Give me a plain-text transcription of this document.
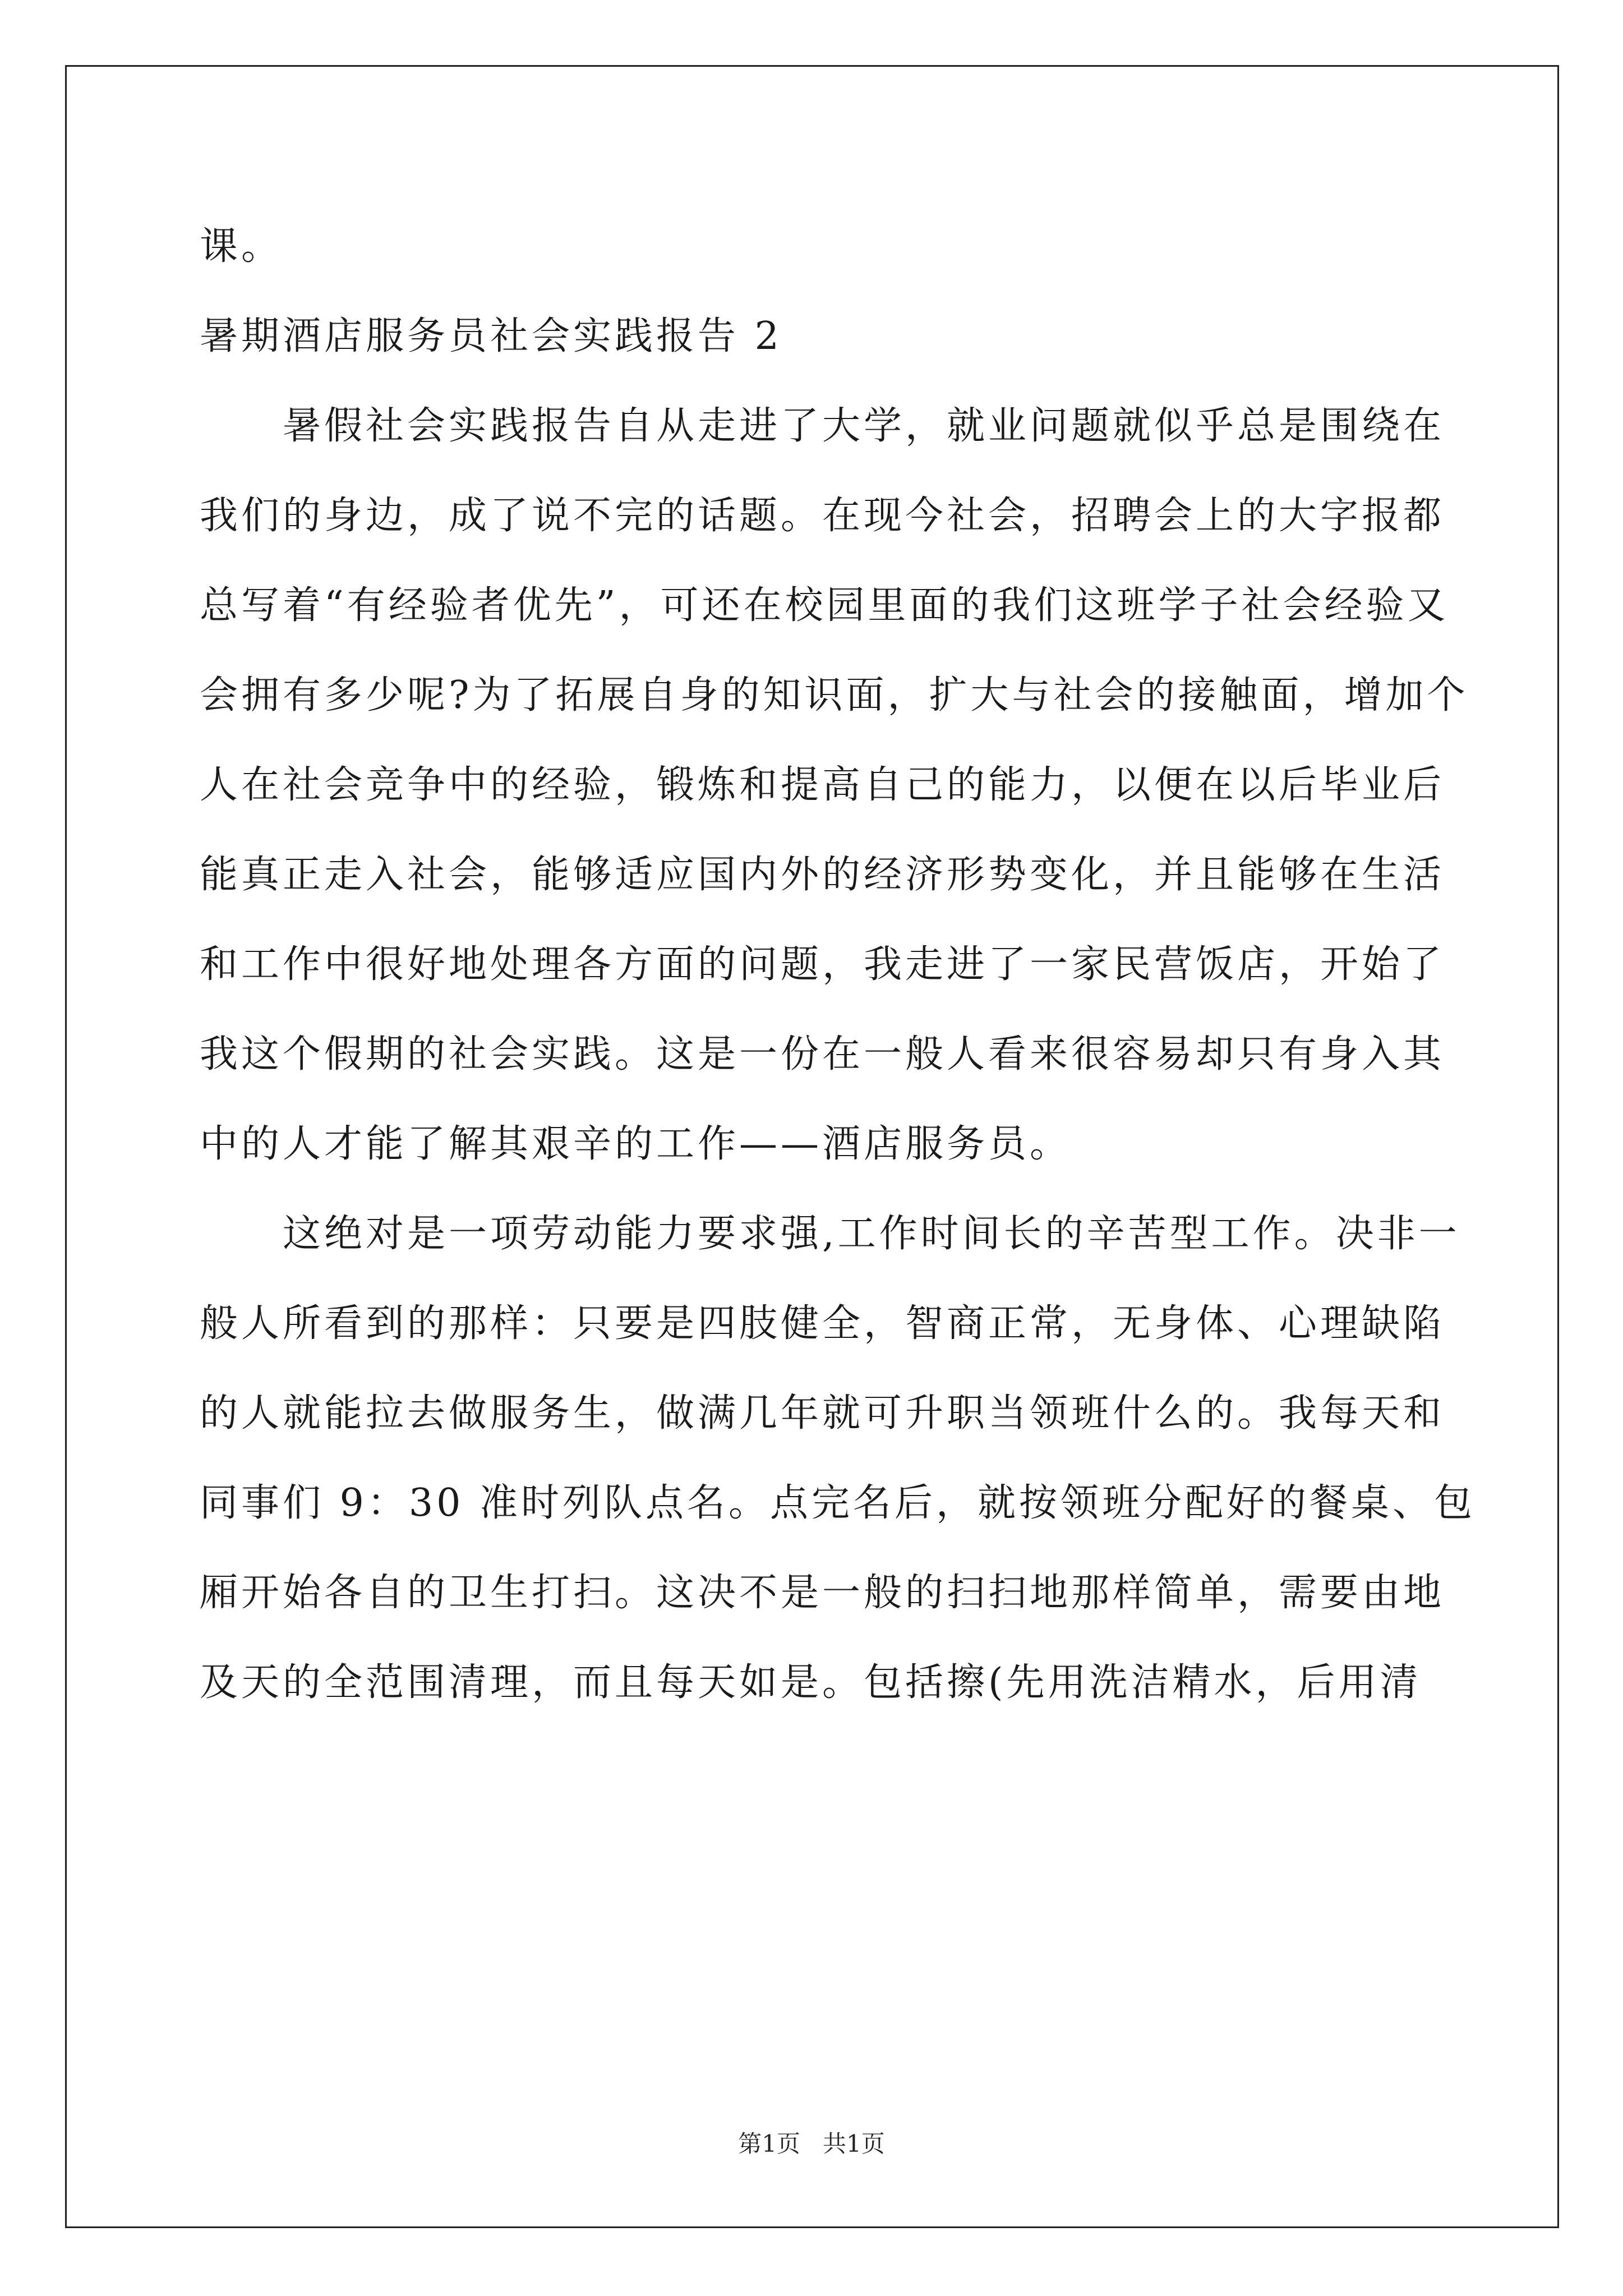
课。
暑期酒店服务员社会实践报告 2
　　暑假社会实践报告自从走进了大学，就业问题就似乎总是围绕在
我们的身边，成了说不完的话题。在现今社会，招聘会上的大字报都
总写着“有经验者优先”，可还在校园里面的我们这班学子社会经验又
会拥有多少呢?为了拓展自身的知识面，扩大与社会的接触面，增加个
人在社会竞争中的经验，锻炼和提高自己的能力，以便在以后毕业后
能真正走入社会，能够适应国内外的经济形势变化，并且能够在生活
和工作中很好地处理各方面的问题，我走进了一家民营饭店，开始了
我这个假期的社会实践。这是一份在一般人看来很容易却只有身入其
中的人才能了解其艰辛的工作——酒店服务员。
　　这绝对是一项劳动能力要求强,工作时间长的辛苦型工作。决非一
般人所看到的那样：只要是四肢健全，智商正常，无身体、心理缺陷
的人就能拉去做服务生，做满几年就可升职当领班什么的。我每天和
同事们 9：30 准时列队点名。点完名后，就按领班分配好的餐桌、包
厢开始各自的卫生打扫。这决不是一般的扫扫地那样简单，需要由地
及天的全范围清理，而且每天如是。包括擦(先用洗洁精水，后用清
第1页 共1页
